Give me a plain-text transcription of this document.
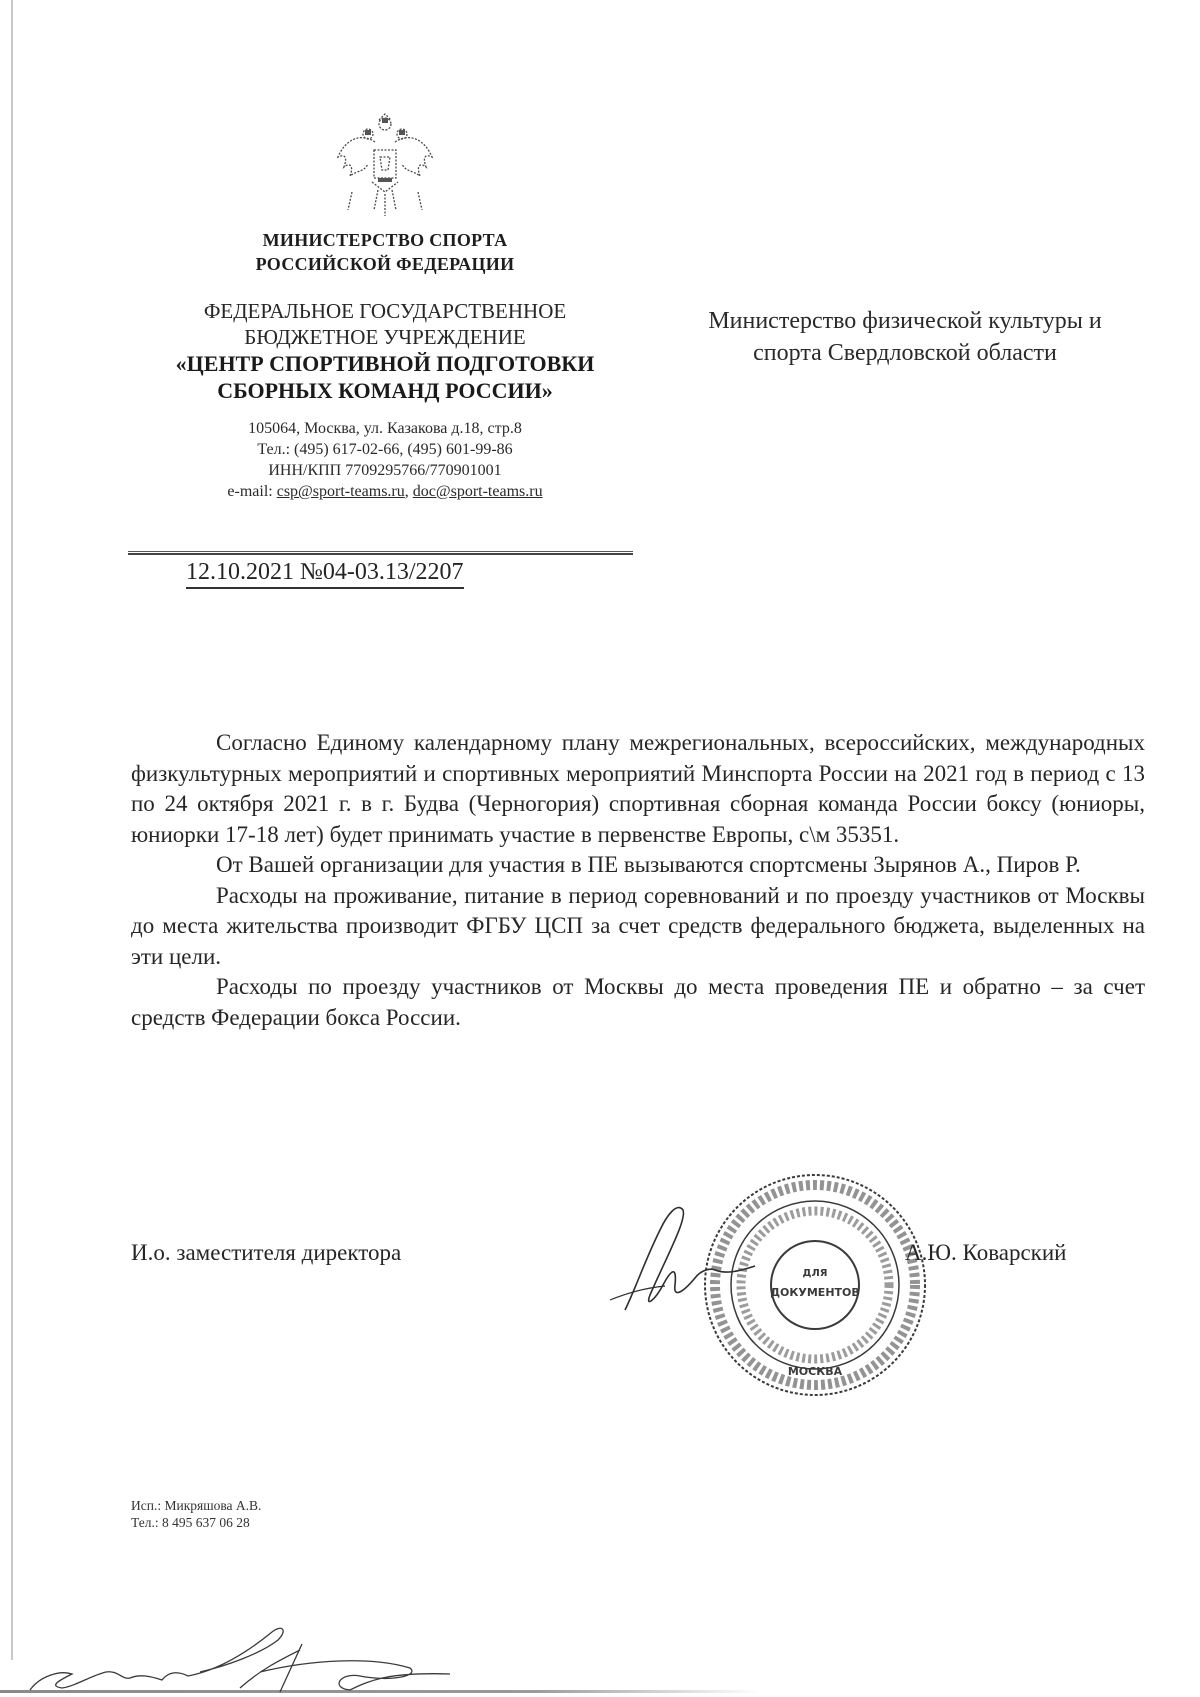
МИНИСТЕРСТВО СПОРТА
РОССИЙСКОЙ ФЕДЕРАЦИИ
ФЕДЕРАЛЬНОЕ ГОСУДАРСТВЕННОЕ
БЮДЖЕТНОЕ УЧРЕЖДЕНИЕ
«ЦЕНТР СПОРТИВНОЙ ПОДГОТОВКИ
СБОРНЫХ КОМАНД РОССИИ»
105064, Москва, ул. Казакова д.18, стр.8
Тел.: (495) 617-02-66, (495) 601-99-86
ИНН/КПП 7709295766/770901001
e-mail: csp@sport-teams.ru, doc@sport-teams.ru
12.10.2021 №04-03.13/2207
Министерство физической культуры и
спорта Свердловской области

Согласно Единому календарному плану межрегиональных, всероссийских, международных физкультурных мероприятий и спортивных мероприятий Минспорта России на 2021 год в период с 13 по 24 октября 2021 г. в г. Будва (Черногория) спортивная сборная команда России боксу (юниоры, юниорки 17-18 лет) будет принимать участие в первенстве Европы, с\м 35351.

От Вашей организации для участия в ПЕ вызываются спортсмены Зырянов А., Пиров Р.

Расходы на проживание, питание в период соревнований и по проезду участников от Москвы до места жительства производит ФГБУ ЦСП за счет средств федерального бюджета, выделенных на эти цели.

Расходы по проезду участников от Москвы до места проведения ПЕ и обратно – за счет средств Федерации бокса России.

И.о. заместителя директора
ДЛЯ
ДОКУМЕНТОВ
МОСКВА
А.Ю. Коварский
Исп.: Микряшова А.В.
Тел.: 8 495 637 06 28
